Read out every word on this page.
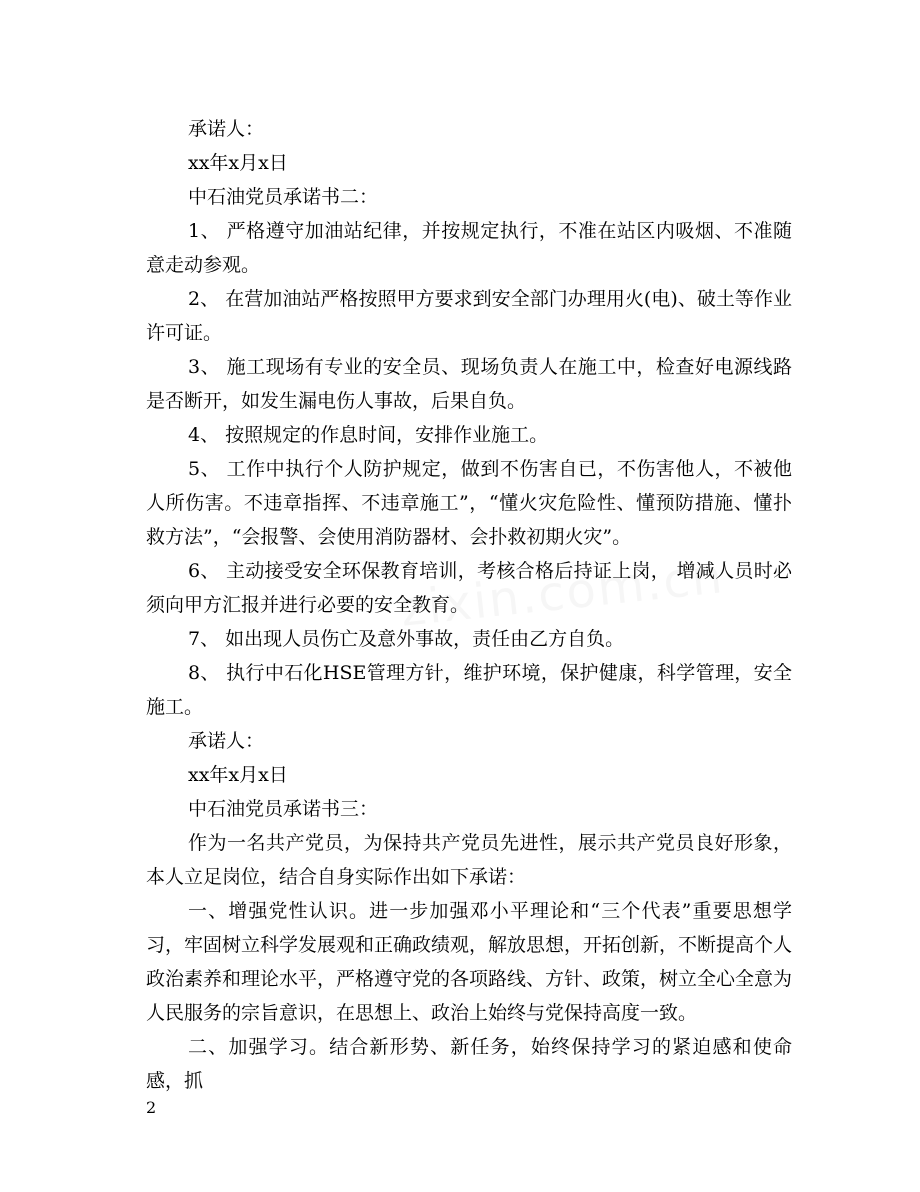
承诺人：

xx年x月x日

中石油党员承诺书二：

1、 严格遵守加油站纪律，并按规定执行，不准在站区内吸烟、不准随意走动参观。

2、 在营加油站严格按照甲方要求到安全部门办理用火(电)、破土等作业许可证。

3、 施工现场有专业的安全员、现场负责人在施工中，检查好电源线路是否断开，如发生漏电伤人事故，后果自负。

4、 按照规定的作息时间，安排作业施工。

5、 工作中执行个人防护规定，做到不伤害自已，不伤害他人，不被他人所伤害。不违章指挥、不违章施工”，“懂火灾危险性、懂预防措施、懂扑救方法”，“会报警、会使用消防器材、会扑救初期火灾”。

6、 主动接受安全环保教育培训，考核合格后持证上岗， 增减人员时必须向甲方汇报并进行必要的安全教育。

7、 如出现人员伤亡及意外事故，责任由乙方自负。

8、 执行中石化HSE管理方针，维护环境，保护健康，科学管理，安全施工。

承诺人：

xx年x月x日

中石油党员承诺书三：

作为一名共产党员，为保持共产党员先进性，展示共产党员良好形象，本人立足岗位，结合自身实际作出如下承诺：

一、增强党性认识。进一步加强邓小平理论和“三个代表”重要思想学习，牢固树立科学发展观和正确政绩观，解放思想，开拓创新，不断提高个人政治素养和理论水平，严格遵守党的各项路线、方针、政策，树立全心全意为人民服务的宗旨意识，在思想上、政治上始终与党保持高度一致。

二、加强学习。结合新形势、新任务，始终保持学习的紧迫感和使命感，抓

2
